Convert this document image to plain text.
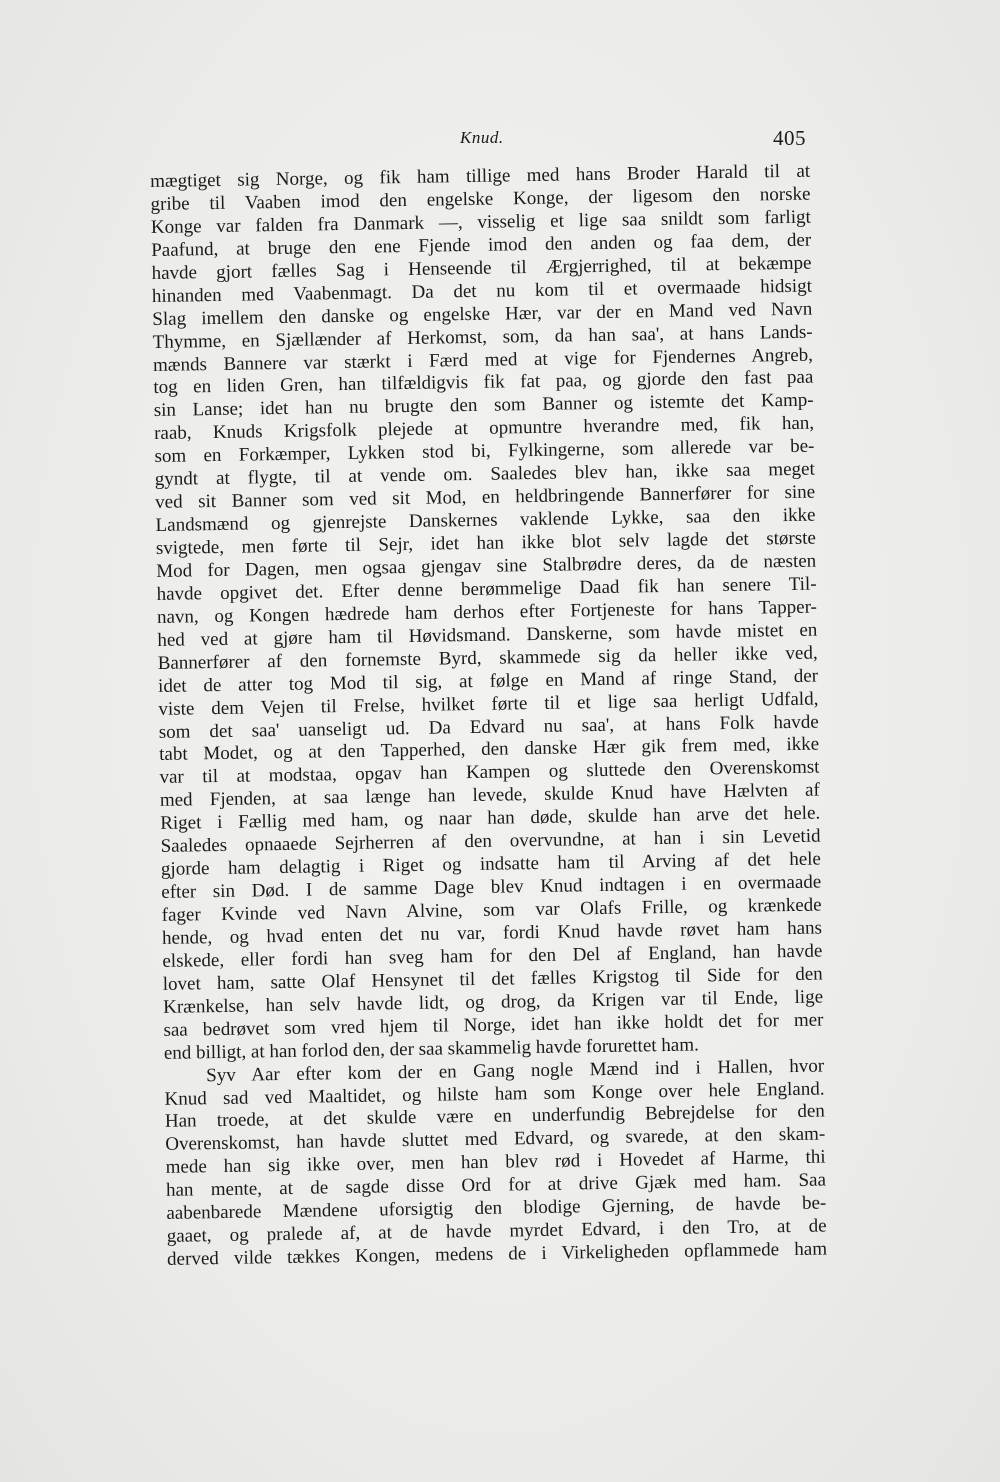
Knud.	405
mægtiget sig Norge, og fik ham tillige med hans Broder Harald til at
gribe til Vaaben imod den engelske Konge, der ligesom den norske
Konge var falden fra Danmark —, visselig et lige saa snildt som farligt
Paafund, at bruge den ene Fjende imod den anden og faa dem, der
havde gjort fælles Sag i Henseende til Ærgjerrighed, til at bekæmpe
hinanden med Vaabenmagt. Da det nu kom til et overmaade hidsigt
Slag imellem den danske og engelske Hær, var der en Mand ved Navn
Thymme, en Sjællænder af Herkomst, som, da han saa', at hans Lands-
mænds Bannere var stærkt i Færd med at vige for Fjendernes Angreb,
tog en liden Gren, han tilfældigvis fik fat paa, og gjorde den fast paa
sin Lanse; idet han nu brugte den som Banner og istemte det Kamp-
raab, Knuds Krigsfolk plejede at opmuntre hverandre med, fik han,
som en Forkæmper, Lykken stod bi, Fylkingerne, som allerede var be-
gyndt at flygte, til at vende om. Saaledes blev han, ikke saa meget
ved sit Banner som ved sit Mod, en heldbringende Bannerfører for sine
Landsmænd og gjenrejste Danskernes vaklende Lykke, saa den ikke
svigtede, men førte til Sejr, idet han ikke blot selv lagde det største
Mod for Dagen, men ogsaa gjengav sine Stalbrødre deres, da de næsten
havde opgivet det. Efter denne berømmelige Daad fik han senere Til-
navn, og Kongen hædrede ham derhos efter Fortjeneste for hans Tapper-
hed ved at gjøre ham til Høvidsmand. Danskerne, som havde mistet en
Bannerfører af den fornemste Byrd, skammede sig da heller ikke ved,
idet de atter tog Mod til sig, at følge en Mand af ringe Stand, der
viste dem Vejen til Frelse, hvilket førte til et lige saa herligt Udfald,
som det saa' uanseligt ud. Da Edvard nu saa', at hans Folk havde
tabt Modet, og at den Tapperhed, den danske Hær gik frem med, ikke
var til at modstaa, opgav han Kampen og sluttede den Overenskomst
med Fjenden, at saa længe han levede, skulde Knud have Hælvten af
Riget i Fællig med ham, og naar han døde, skulde han arve det hele.
Saaledes opnaaede Sejrherren af den overvundne, at han i sin Levetid
gjorde ham delagtig i Riget og indsatte ham til Arving af det hele
efter sin Død. I de samme Dage blev Knud indtagen i en overmaade
fager Kvinde ved Navn Alvine, som var Olafs Frille, og krænkede
hende, og hvad enten det nu var, fordi Knud havde røvet ham hans
elskede, eller fordi han sveg ham for den Del af England, han havde
lovet ham, satte Olaf Hensynet til det fælles Krigstog til Side for den
Krænkelse, han selv havde lidt, og drog, da Krigen var til Ende, lige
saa bedrøvet som vred hjem til Norge, idet han ikke holdt det for mer
end billigt, at han forlod den, der saa skammelig havde forurettet ham.
Syv Aar efter kom der en Gang nogle Mænd ind i Hallen, hvor
Knud sad ved Maaltidet, og hilste ham som Konge over hele England.
Han troede, at det skulde være en underfundig Bebrejdelse for den
Overenskomst, han havde sluttet med Edvard, og svarede, at den skam-
mede han sig ikke over, men han blev rød i Hovedet af Harme, thi
han mente, at de sagde disse Ord for at drive Gjæk med ham. Saa
aabenbarede Mændene uforsigtig den blodige Gjerning, de havde be-
gaaet, og pralede af, at de havde myrdet Edvard, i den Tro, at de
derved vilde tækkes Kongen, medens de i Virkeligheden opflammede ham
